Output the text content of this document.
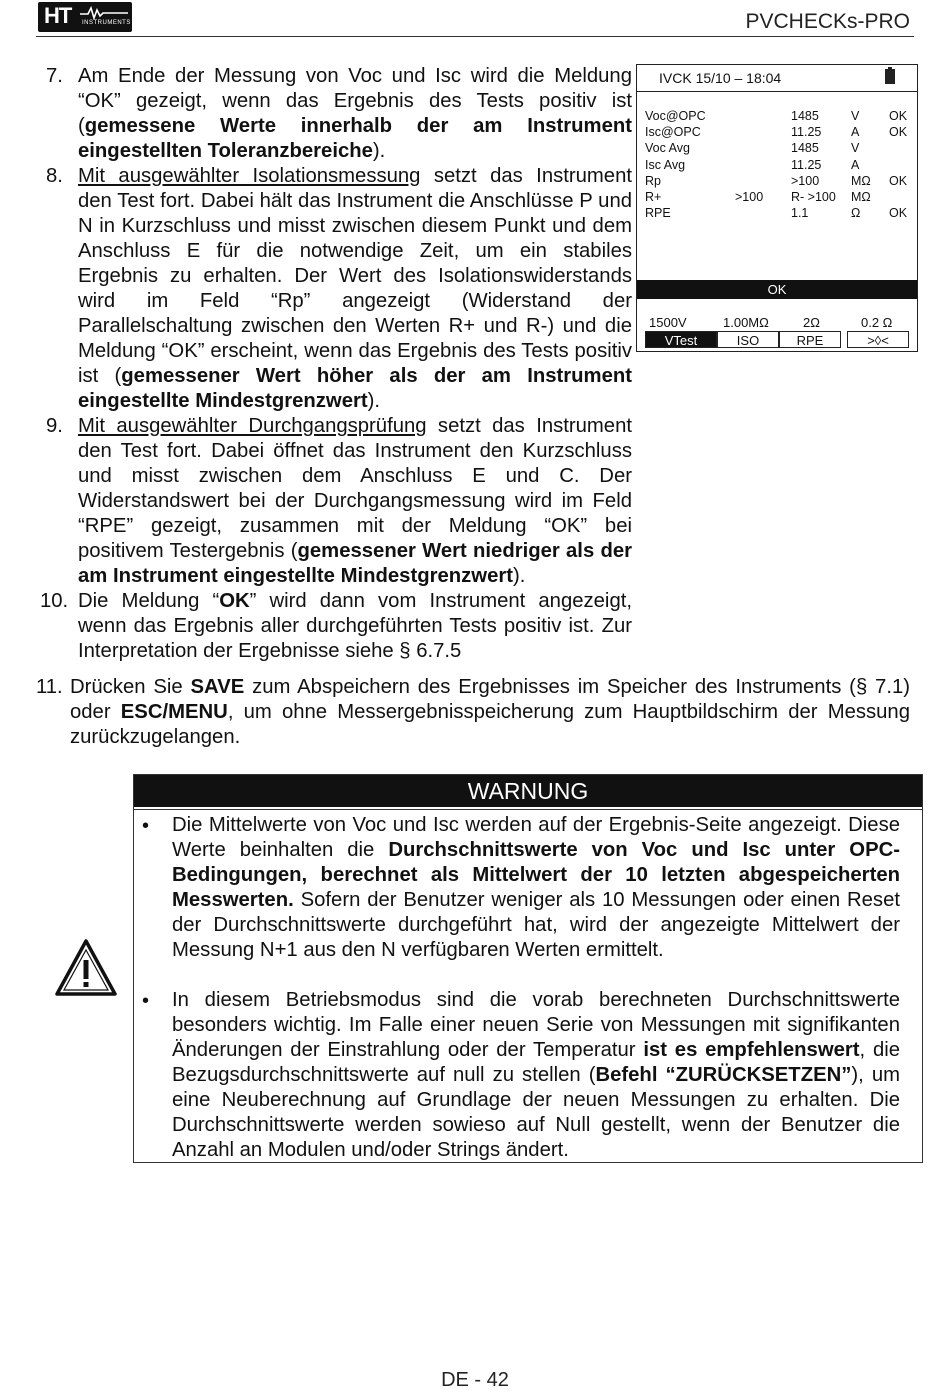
HT INSTRUMENTS	PVCHECKs-PRO
7. Am Ende der Messung von Voc und Isc wird die Meldung “OK” gezeigt, wenn das Ergebnis des Tests positiv ist (gemessene Werte innerhalb der am Instrument eingestellten Toleranzbereiche).
8. Mit ausgewählter Isolationsmessung setzt das Instrument den Test fort. Dabei hält das Instrument die Anschlüsse P und N in Kurzschluss und misst zwischen diesem Punkt und dem Anschluss E für die notwendige Zeit, um ein stabiles Ergebnis zu erhalten. Der Wert des Isolationswiderstands wird im Feld “Rp” angezeigt (Widerstand der Parallelschaltung zwischen den Werten R+ und R-) und die Meldung “OK” erscheint, wenn das Ergebnis des Tests positiv ist (gemessener Wert höher als der am Instrument eingestellte Mindestgrenzwert).
9. Mit ausgewählter Durchgangsprüfung setzt das Instrument den Test fort. Dabei öffnet das Instrument den Kurzschluss und misst zwischen dem Anschluss E und C. Der Widerstandswert bei der Durchgangsmessung wird im Feld “RPE” gezeigt, zusammen mit der Meldung “OK” bei positivem Testergebnis (gemessener Wert niedriger als der am Instrument eingestellte Mindestgrenzwert).
10. Die Meldung “OK” wird dann vom Instrument angezeigt, wenn das Ergebnis aller durchgeführten Tests positiv ist. Zur Interpretation der Ergebnisse siehe § 6.7.5
11. Drücken Sie SAVE zum Abspeichern des Ergebnisses im Speicher des Instruments (§ 7.1) oder ESC/MENU, um ohne Messergebnisspeicherung zum Hauptbildschirm der Messung zurückzugelangen.
IVCK 15/10 – 18:04
Voc@OPC	1485	V OK
Isc@OPC	11.25 A OK
Voc Avg	1485	V
Isc Avg	11.25 A
Rp	>100	MΩ OK
R+	>100 R- >100 MΩ
RPE	1.1	Ω OK
OK
1500V	1.00MΩ	2Ω	0.2 Ω
VTest	ISO	RPE	>◊<
WARNUNG
• Die Mittelwerte von Voc und Isc werden auf der Ergebnis-Seite angezeigt. Diese Werte beinhalten die Durchschnittswerte von Voc und Isc unter OPC-Bedingungen, berechnet als Mittelwert der 10 letzten abgespeicherten Messwerten. Sofern der Benutzer weniger als 10 Messungen oder einen Reset der Durchschnittswerte durchgeführt hat, wird der angezeigte Mittelwert der Messung N+1 aus den N verfügbaren Werten ermittelt.
• In diesem Betriebsmodus sind die vorab berechneten Durchschnittswerte besonders wichtig. Im Falle einer neuen Serie von Messungen mit signifikanten Änderungen der Einstrahlung oder der Temperatur ist es empfehlenswert, die Bezugsdurchschnittswerte auf null zu stellen (Befehl “ZURÜCKSETZEN”), um eine Neuberechnung auf Grundlage der neuen Messungen zu erhalten. Die Durchschnittswerte werden sowieso auf Null gestellt, wenn der Benutzer die Anzahl an Modulen und/oder Strings ändert.
DE - 42
